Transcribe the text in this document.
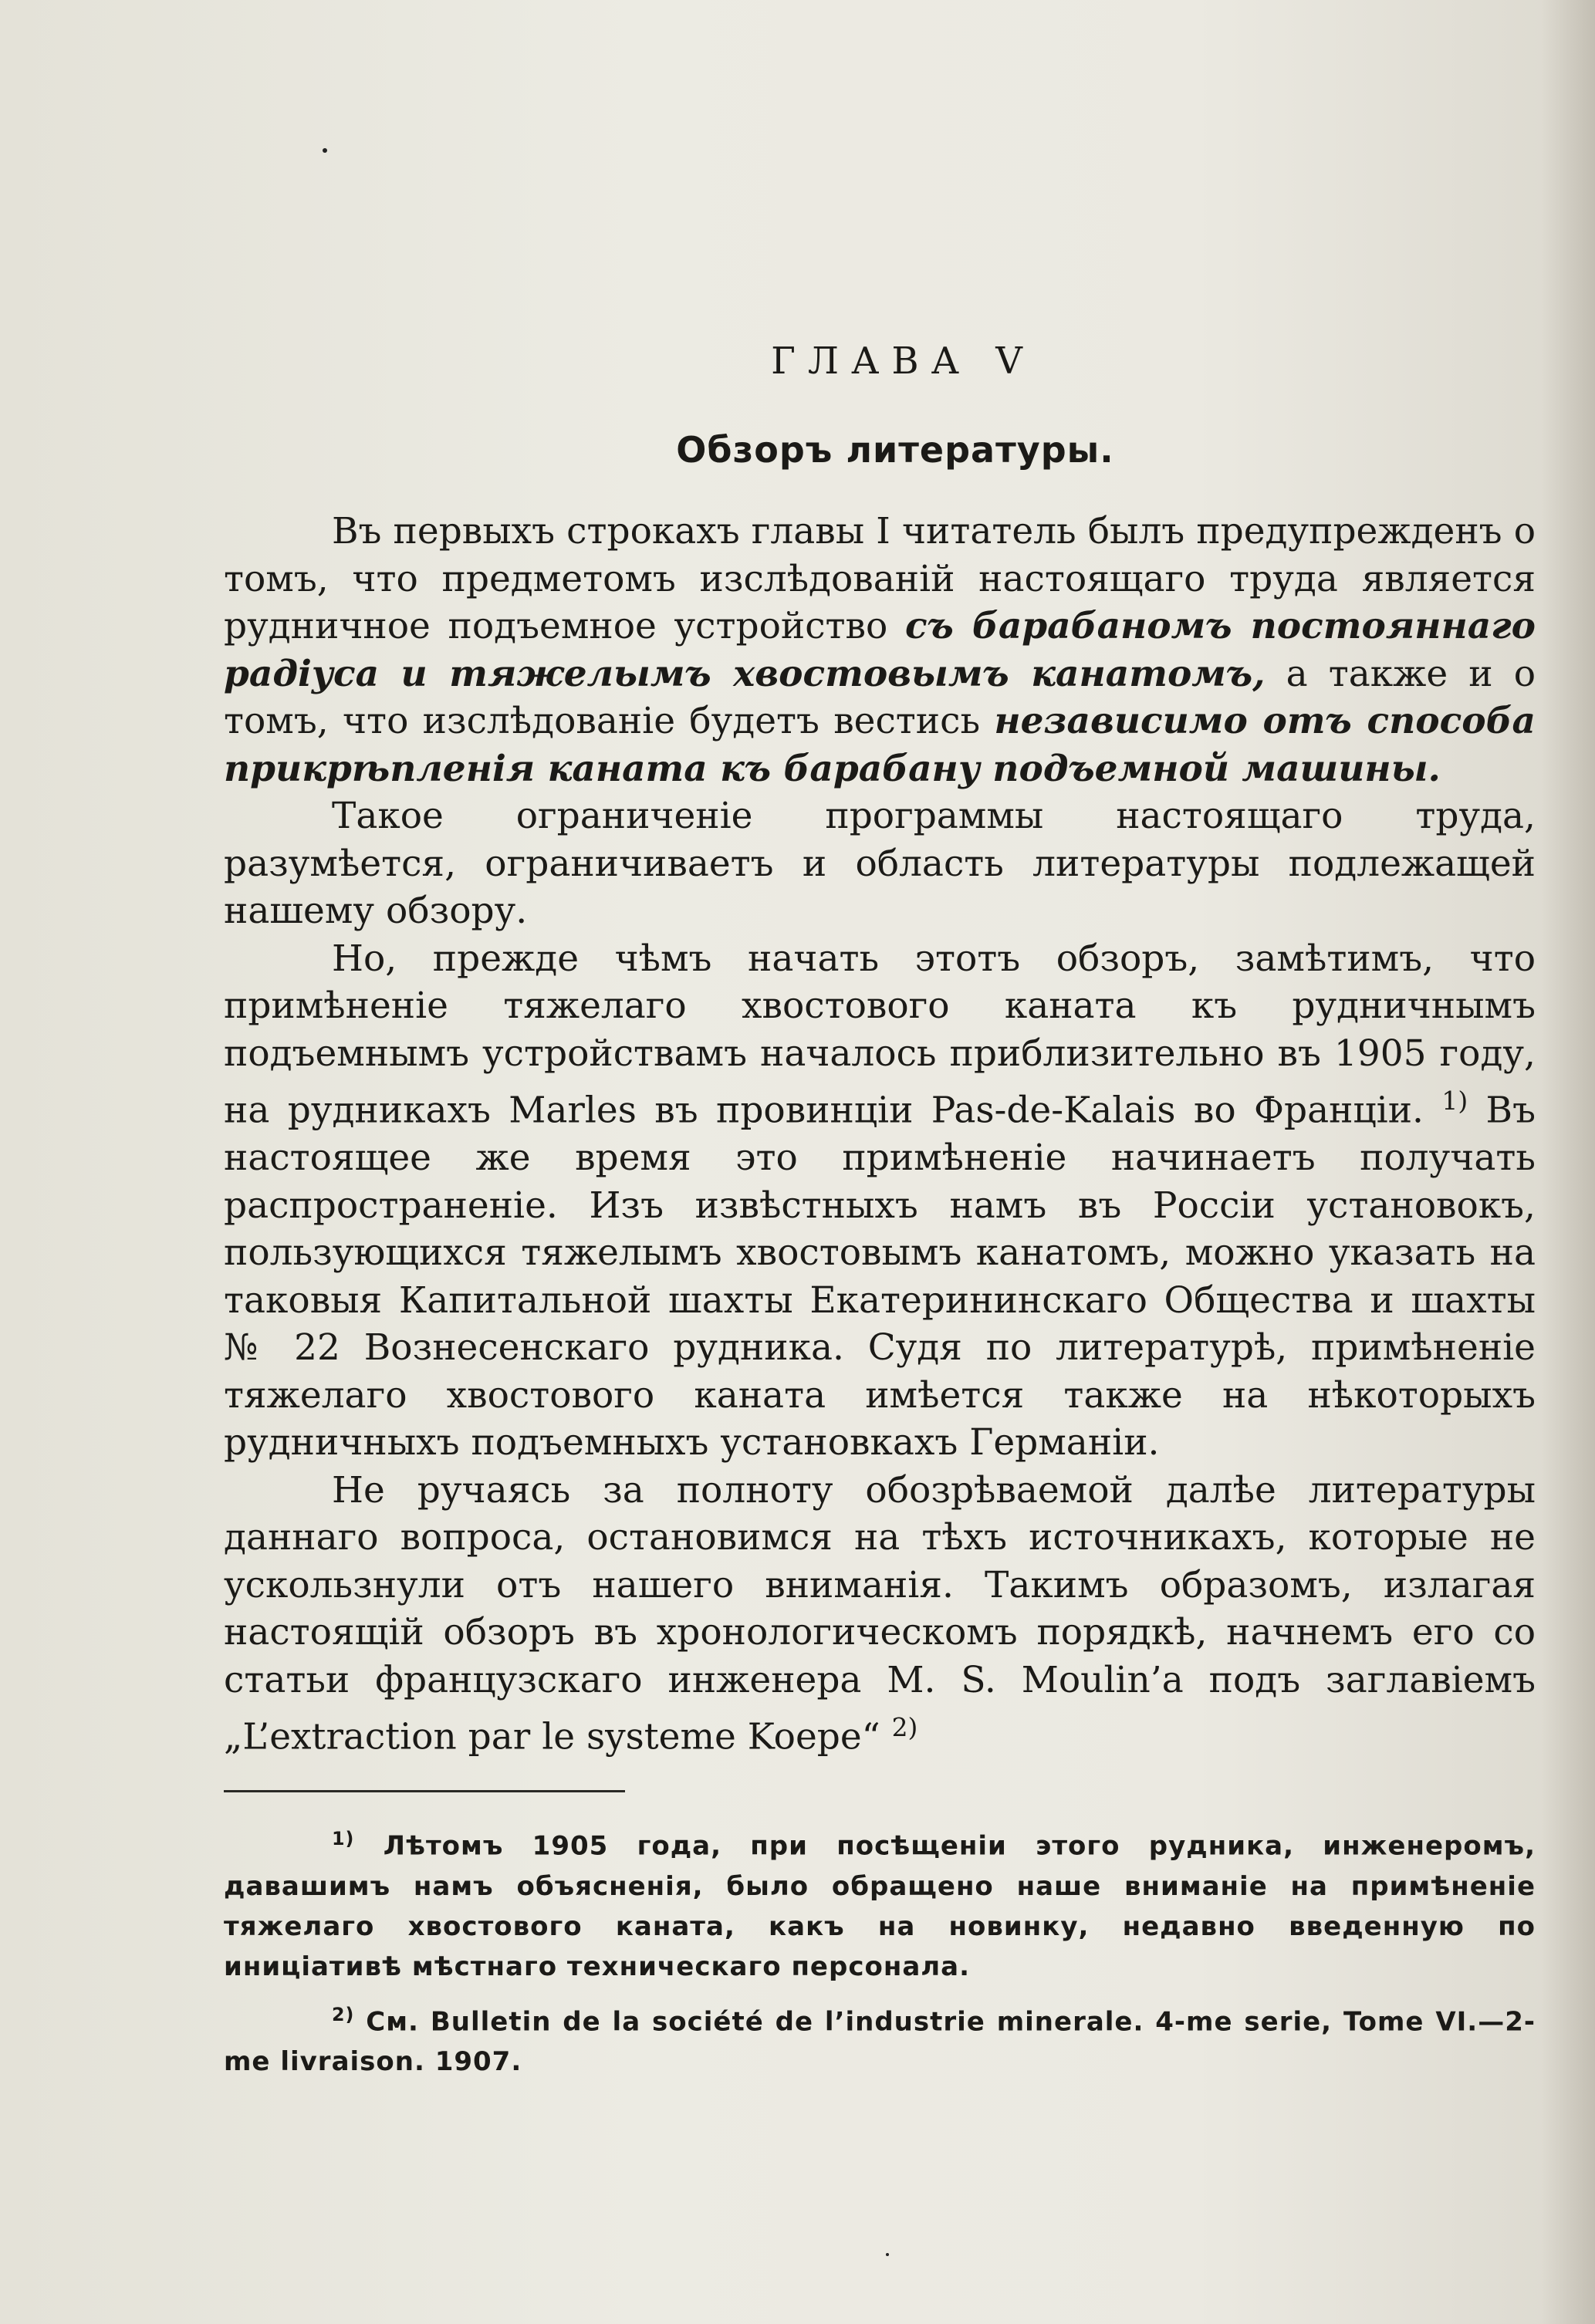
ГЛАВА V
Обзоръ литературы.

Въ первыхъ строкахъ главы I читатель былъ предупрежденъ о томъ, что предметомъ изслѣдованій настоящаго труда является рудничное подъемное устройство съ барабаномъ постояннаго радіуса и тяжелымъ хвостовымъ канатомъ, а также и о томъ, что изслѣдованіе будетъ вестись независимо отъ способа прикрѣпленія каната къ барабану подъемной машины.

Такое ограниченіе программы настоящаго труда, разумѣется, ограничиваетъ и область литературы подлежащей нашему обзору.

Но, прежде чѣмъ начать этотъ обзоръ, замѣтимъ, что примѣненіе тяжелаго хвостового каната къ рудничнымъ подъемнымъ устройствамъ началось приблизительно въ 1905 году, на рудникахъ Marles въ провинціи Pas-de-Kalais во Франціи. $^{1)}$ Въ настоящее же время это примѣненіе начинаетъ получать распространеніе. Изъ извѣстныхъ намъ въ Россіи установокъ, пользующихся тяжелымъ хвостовымъ канатомъ, можно указать на таковыя Капитальной шахты Екатерининскаго Общества и шахты № 22 Вознесенскаго рудника. Судя по литературѣ, примѣненіе тяжелаго хвостового каната имѣется также на нѣкоторыхъ рудничныхъ подъемныхъ установкахъ Германіи.

Не ручаясь за полноту обозрѣваемой далѣе литературы даннаго вопроса, остановимся на тѣхъ источникахъ, которые не ускользнули отъ нашего вниманія. Такимъ образомъ, излагая настоящій обзоръ въ хронологическомъ порядкѣ, начнемъ его со статьи французскаго инженера M. S. Moulin’а подъ заглавіемъ „L’extraction par le systeme Koepe“ $^{2)}$

$^{1)}$ Лѣтомъ 1905 года, при посѣщеніи этого рудника, инженеромъ, давашимъ намъ объясненія, было обращено наше вниманіе на примѣненіе тяжелаго хвостового каната, какъ на новинку, недавно введенную по иниціативѣ мѣстнаго техническаго персонала.

$^{2)}$ См. Bulletin de la société de l’industrie minerale. 4-me serie, Tome VI.—2-me livraison. 1907.
